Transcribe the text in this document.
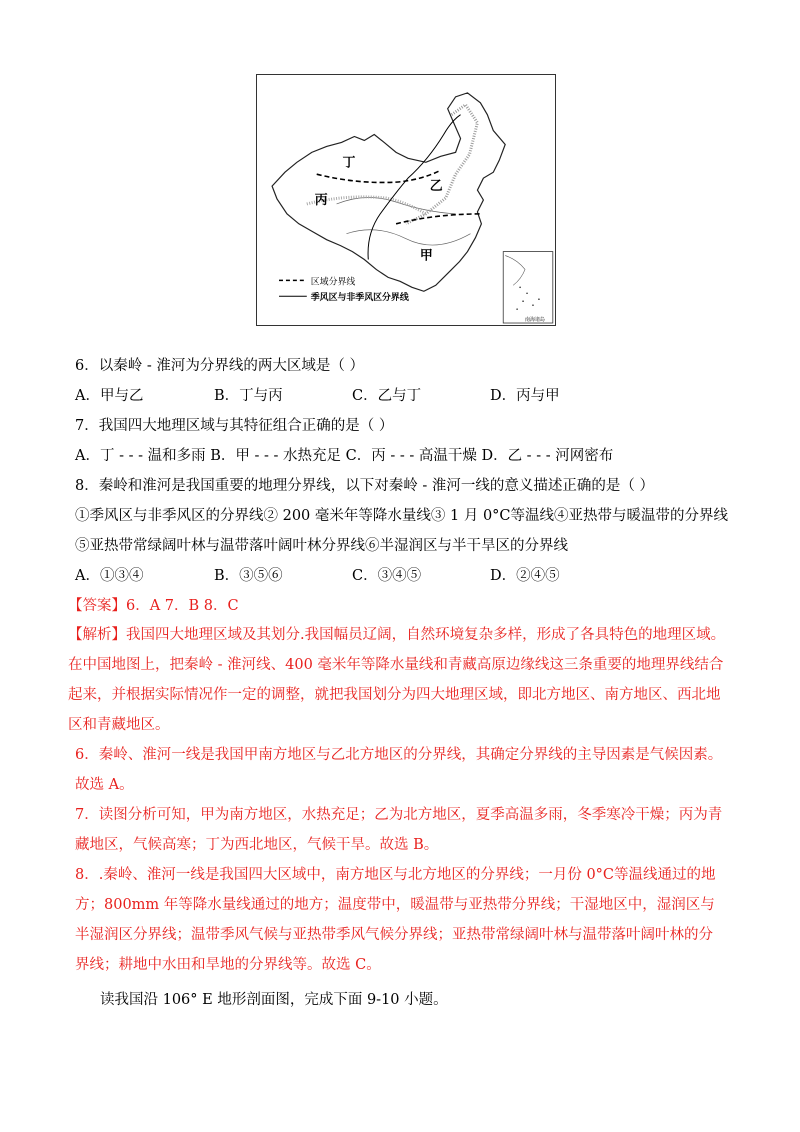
丁
乙
丙
甲
区域分界线
季风区与非季风区分界线
南海诸岛
6．以秦岭 - 淮河为分界线的两大区域是（ ）
A．甲与乙	B．丁与丙	C．乙与丁	D．丙与甲
7．我国四大地理区域与其特征组合正确的是（ ）
A．丁 - - - 温和多雨 B．甲 - - - 水热充足 C．丙 - - - 高温干燥 D．乙 - - - 河网密布
8．秦岭和淮河是我国重要的地理分界线，以下对秦岭 - 淮河一线的意义描述正确的是（ ）
①季风区与非季风区的分界线② 200 毫米年等降水量线③ 1 月 0°C等温线④亚热带与暖温带的分界线
⑤亚热带常绿阔叶林与温带落叶阔叶林分界线⑥半湿润区与半干旱区的分界线
A．①③④	B．③⑤⑥	C．③④⑤	D．②④⑤
【答案】6．A 7．B 8．C
【解析】我国四大地理区域及其划分.我国幅员辽阔，自然环境复杂多样，形成了各具特色的地理区域。在中国地图上，把秦岭 - 淮河线、400 毫米年等降水量线和青藏高原边缘线这三条重要的地理界线结合起来，并根据实际情况作一定的调整，就把我国划分为四大地理区域，即北方地区、南方地区、西北地区和青藏地区。
6．秦岭、淮河一线是我国甲南方地区与乙北方地区的分界线，其确定分界线的主导因素是气候因素。故选 A。
7．读图分析可知，甲为南方地区，水热充足；乙为北方地区，夏季高温多雨，冬季寒冷干燥；丙为青藏地区，气候高寒；丁为西北地区，气候干旱。故选 B。
8．.秦岭、淮河一线是我国四大区域中，南方地区与北方地区的分界线；一月份 0°C等温线通过的地方；800mm 年等降水量线通过的地方；温度带中，暖温带与亚热带分界线；干湿地区中，湿润区与半湿润区分界线；温带季风气候与亚热带季风气候分界线；亚热带常绿阔叶林与温带落叶阔叶林的分界线；耕地中水田和旱地的分界线等。故选 C。
读我国沿 106° E 地形剖面图，完成下面 9-10 小题。
